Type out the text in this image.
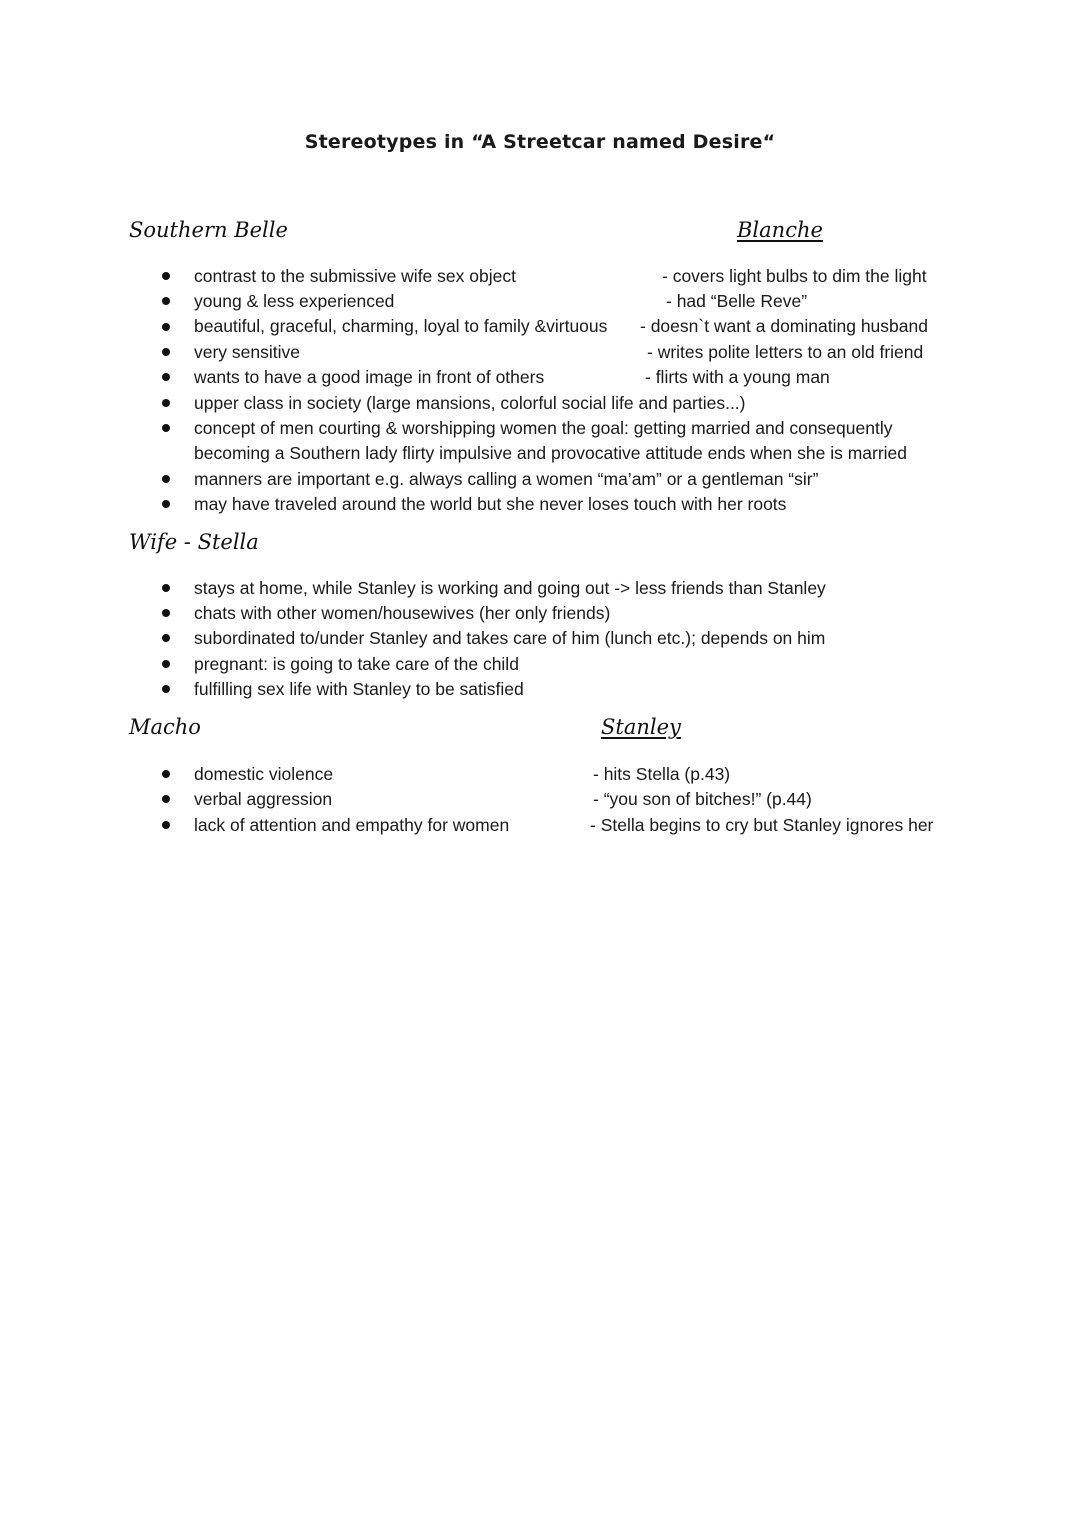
Stereotypes in “A Streetcar named Desire“
Southern Belle	Blanche
contrast to the submissive wife sex object	- covers light bulbs to dim the light
young & less experienced	- had “Belle Reve”
beautiful, graceful, charming, loyal to family &virtuous - doesn`t want a dominating husband
very sensitive	- writes polite letters to an old friend
wants to have a good image in front of others	- flirts with a young man
upper class in society (large mansions, colorful social life and parties...)
concept of men courting & worshipping women the goal: getting married and consequently
becoming a Southern lady flirty impulsive and provocative attitude ends when she is married
manners are important e.g. always calling a women “ma’am” or a gentleman “sir”
may have traveled around the world but she never loses touch with her roots
Wife - Stella
stays at home, while Stanley is working and going out -> less friends than Stanley
chats with other women/housewives (her only friends)
subordinated to/under Stanley and takes care of him (lunch etc.); depends on him
pregnant: is going to take care of the child
fulfilling sex life with Stanley to be satisfied
Macho	Stanley
domestic violence	- hits Stella (p.43)
verbal aggression	- “you son of bitches!” (p.44)
lack of attention and empathy for women	- Stella begins to cry but Stanley ignores her
